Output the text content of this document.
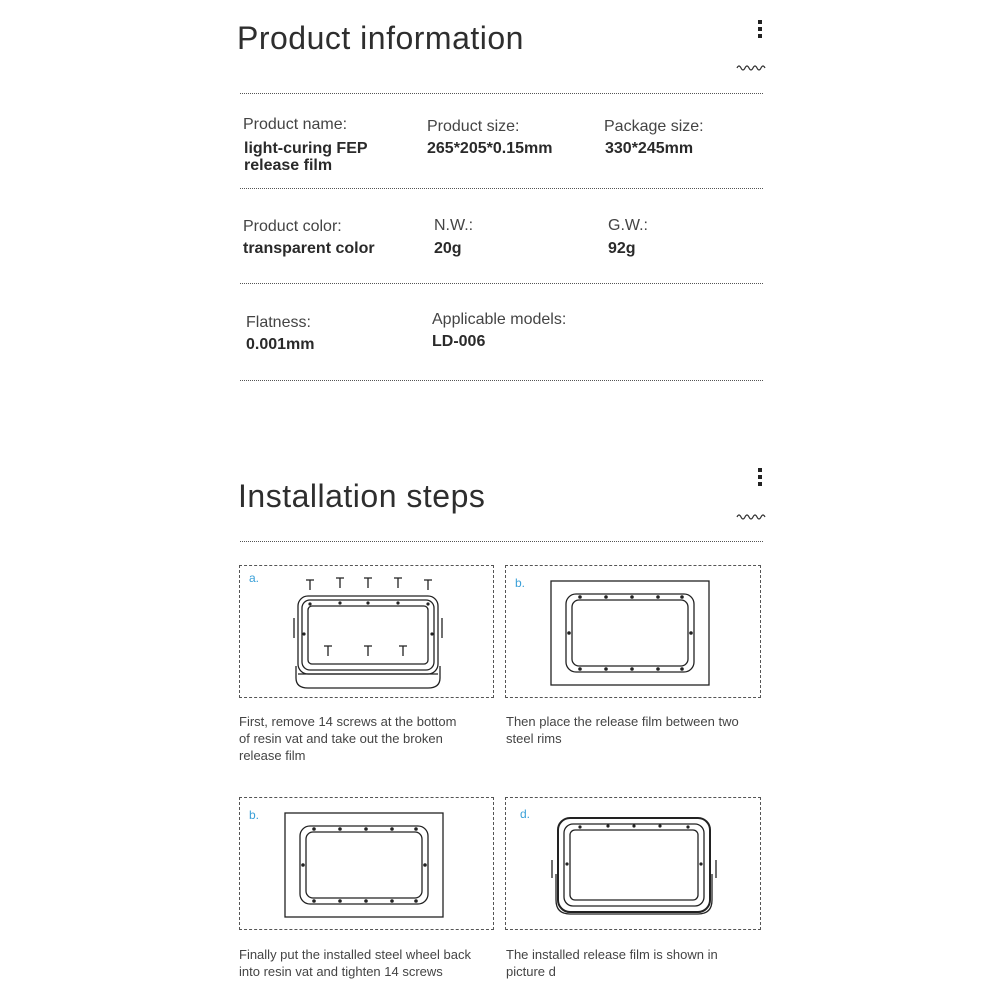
Product information
Product name:
light-curing FEP
release film
Product size:
265*205*0.15mm
Package size:
330*245mm
Product color:
transparent color
N.W.:
20g
G.W.:
92g
Flatness:
0.001mm
Applicable models:
LD-006
Installation steps
a.
First, remove 14 screws at the bottom
of resin vat and take out the broken
release film
b.
Then place the release film between two
steel rims
b.
Finally put the installed steel wheel back
into resin vat and tighten 14 screws
d.
The installed release film is shown in
picture d
